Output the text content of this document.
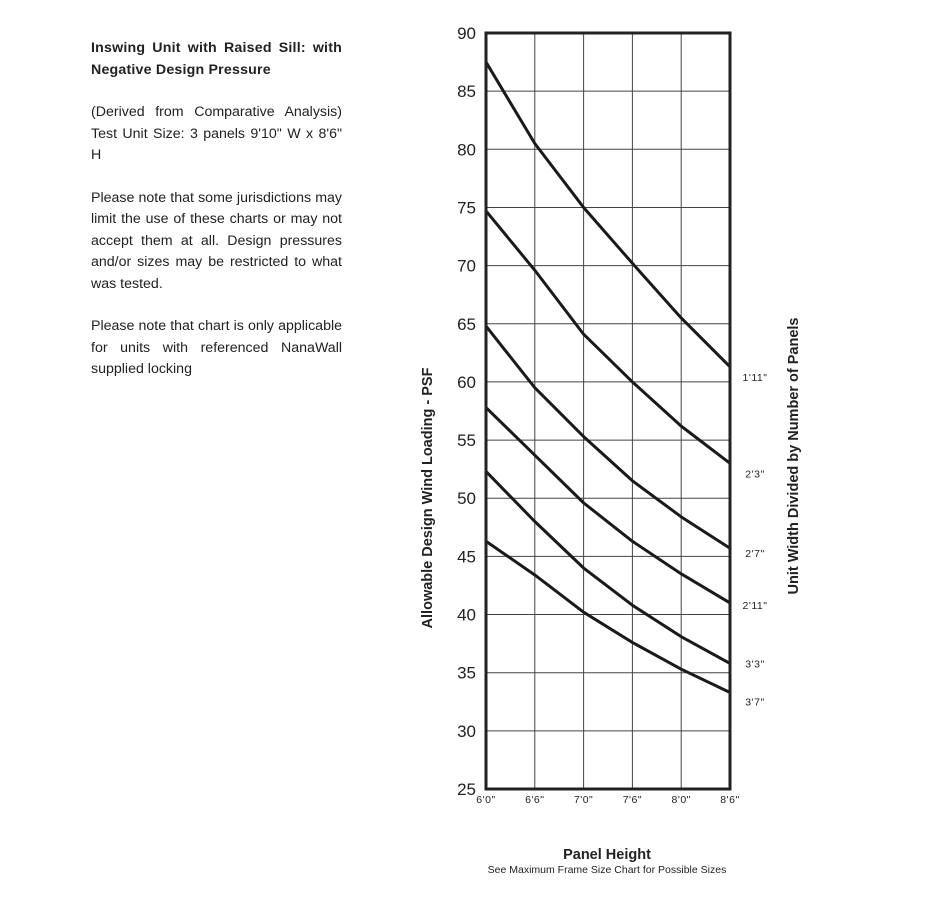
Inswing Unit with Raised Sill: with Negative Design Pressure

(Derived from Comparative Analysis) Test Unit Size: 3 panels 9'10" W x 8'6" H

Please note that some jurisdictions may limit the use of these charts or may not accept them at all. Design pressures and/or sizes may be restricted to what was tested.

Please note that chart is only applicable for units with referenced NanaWall supplied locking

25
30
35
40
45
50
55
60
65
70
75
80
85
90
6'0"	6'6"	7'0"	7'6"	8'0"	8'6"
1'11"
2'3"
2'7"
2'11"
3'3"
3'7"
Allowable Design Wind Loading - PSF	Unit Width Divided by Number of Panels
Panel Height
See Maximum Frame Size Chart for Possible Sizes
